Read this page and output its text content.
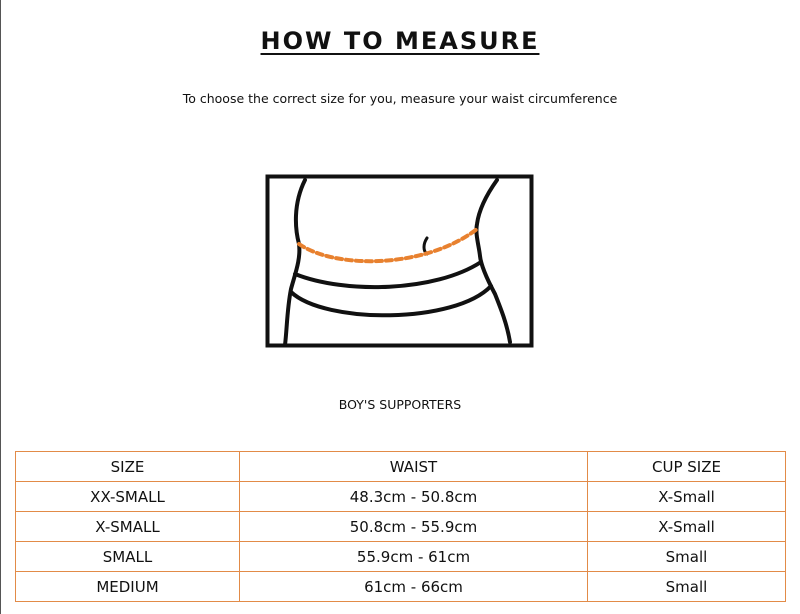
HOW TO MEASURE

To choose the correct size for you, measure your waist circumference

BOY'S SUPPORTERS
SIZE	WAIST	CUP SIZE
XX-SMALL	48.3cm - 50.8cm	X-Small
X-SMALL	50.8cm - 55.9cm	X-Small
SMALL	55.9cm - 61cm	Small
MEDIUM	61cm - 66cm	Small
